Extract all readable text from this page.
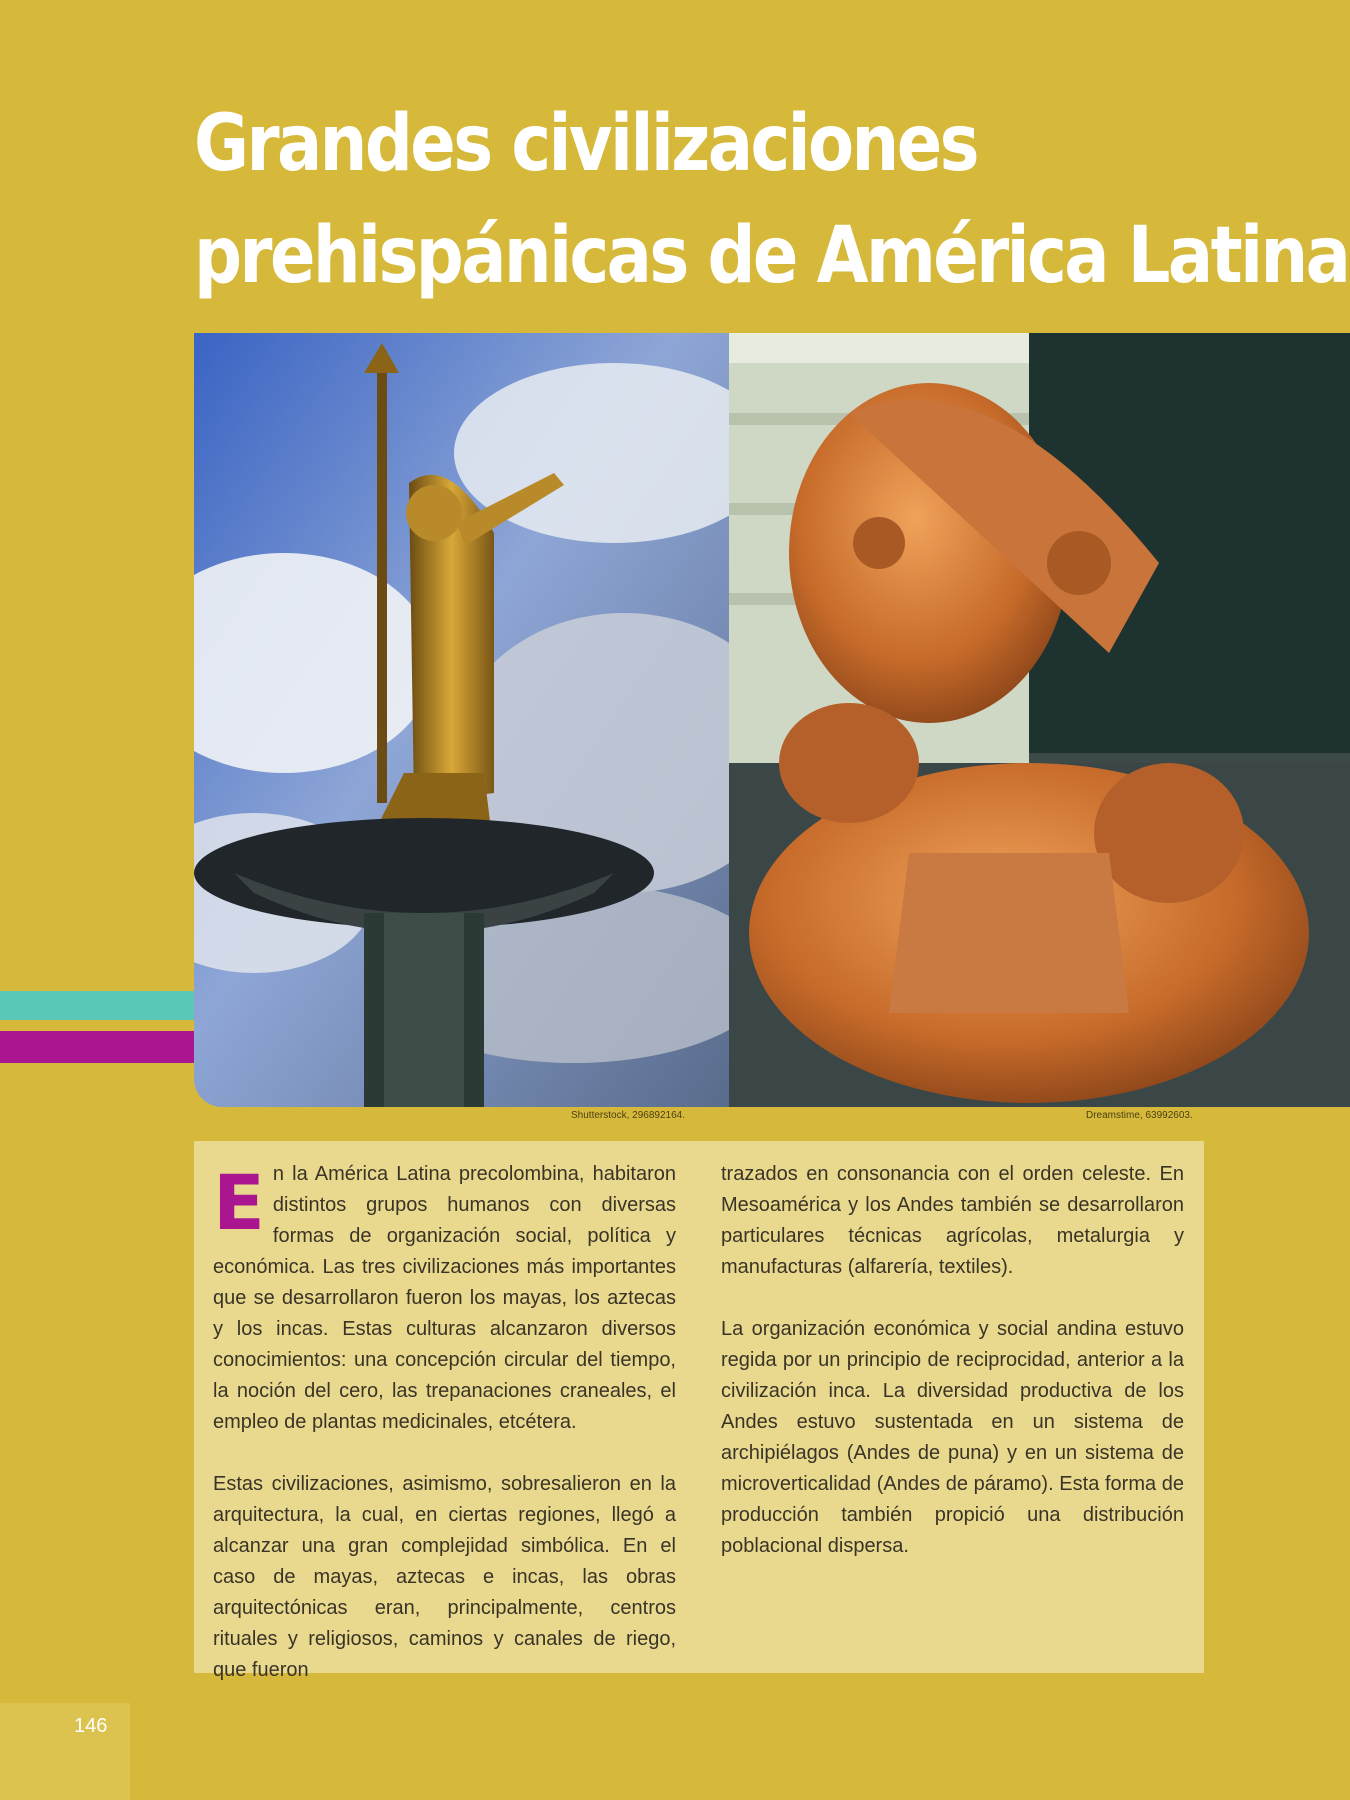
Grandes civilizaciones
prehispánicas de América Latina
Shutterstock, 296892164.	Dreamstime, 63992603.

En la América Latina precolombina, habitaron distintos grupos humanos con diversas formas de organización social, política y económica. Las tres civilizaciones más importantes que se desarrollaron fueron los mayas, los aztecas y los incas. Estas culturas alcanzaron diversos conocimientos: una concepción circular del tiempo, la noción del cero, las trepanaciones craneales, el empleo de plantas medicinales, etcétera.

Estas civilizaciones, asimismo, sobresalieron en la arquitectura, la cual, en ciertas regiones, llegó a alcanzar una gran complejidad simbólica. En el caso de mayas, aztecas e incas, las obras arquitectónicas eran, principalmente, centros rituales y religiosos, caminos y canales de riego, que fueron

trazados en consonancia con el orden celeste. En Mesoamérica y los Andes también se desarrollaron particulares técnicas agrícolas, metalurgia y manufacturas (alfarería, textiles).

La organización económica y social andina estuvo regida por un principio de reciprocidad, anterior a la civilización inca. La diversidad productiva de los Andes estuvo sustentada en un sistema de archipiélagos (Andes de puna) y en un sistema de microverticalidad (Andes de páramo). Esta forma de producción también propició una distribución poblacional dispersa.

146
